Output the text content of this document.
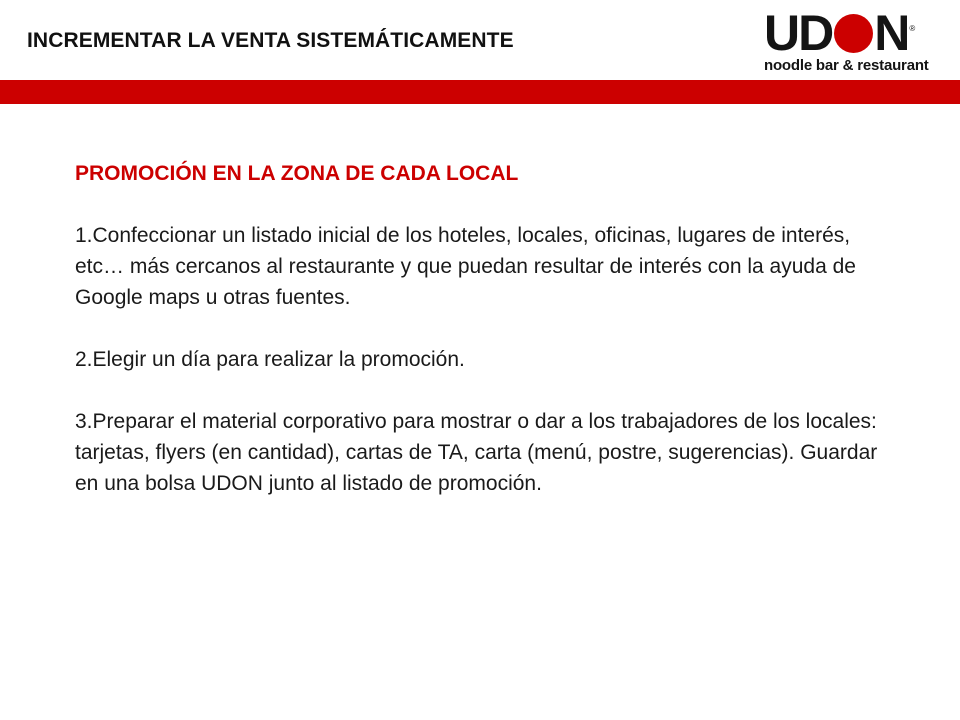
INCREMENTAR LA VENTA SISTEMÁTICAMENTE	UD N ®
noodle bar & restaurant
PROMOCIÓN EN LA ZONA DE CADA LOCAL
1.Confeccionar un listado inicial de los hoteles, locales, oficinas, lugares de interés, etc… más cercanos al restaurante y que puedan resultar de interés con la ayuda de Google maps u otras fuentes.
2.Elegir un día para realizar la promoción.
3.Preparar el material corporativo para mostrar o dar a los trabajadores de los locales: tarjetas, flyers (en cantidad), cartas de TA, carta (menú, postre, sugerencias). Guardar en una bolsa UDON junto al listado de promoción.
